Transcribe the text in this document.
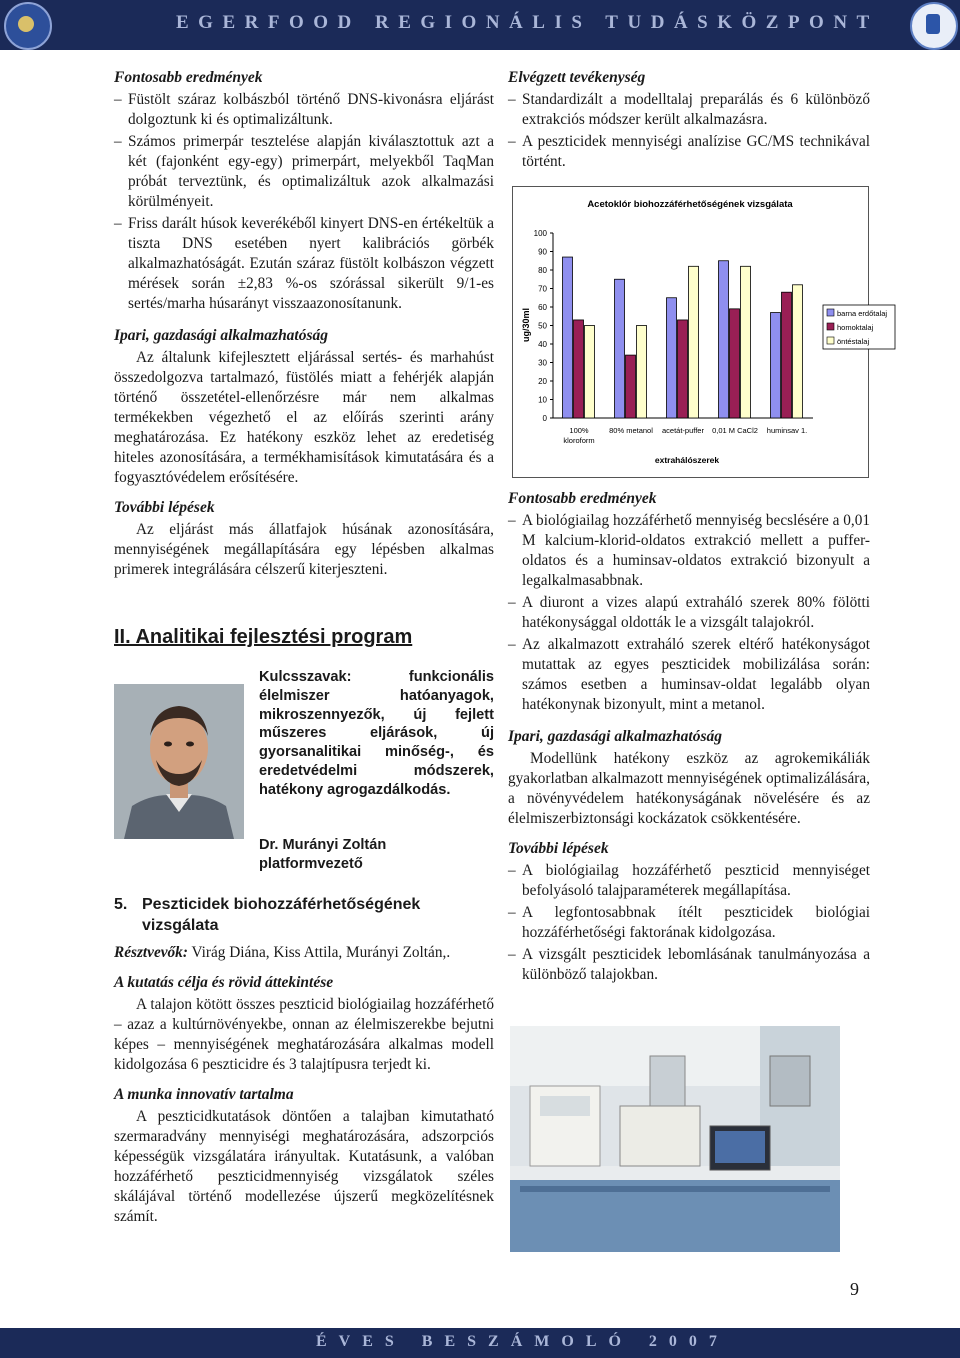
EGERFOOD REGIONÁLIS TUDÁSKÖZPONT
ÉVES BESZÁMOLÓ 2007
9
Fontosabb eredmények
– Füstölt száraz kolbászból történő DNS-kivonásra eljárást dolgoztunk ki és optimalizáltunk.
– Számos primerpár tesztelése alapján kiválasztottuk azt a két (fajonként egy-egy) primerpárt, melyekből TaqMan próbát terveztünk, és optimalizáltuk azok alkalmazási körülményeit.
– Friss darált húsok keverékéből kinyert DNS-en értékeltük a tiszta DNS esetében nyert kalibrációs görbék alkalmazhatóságát. Ezután száraz füstölt kolbászon végzett mérések során ±2,83 %-os szórással sikerült 9/1-es sertés/marha húsarányt visszaazonosítanunk.
Ipari, gazdasági alkalmazhatóság

Az általunk kifejlesztett eljárással sertés- és marhahúst összedolgozva tartalmazó, füstölés miatt a fehérjék alapján történő összetétel-ellenőrzésre már nem alkalmas termékekben végezhető el az előírás szerinti arány meghatározása. Ez hatékony eszköz lehet az eredetiség hiteles azonosítására, a termékhamisítások kimutatására és a fogyasztóvédelem erősítésére.

További lépések

Az eljárást más állatfajok húsának azonosítására, mennyiségének megállapítására egy lépésben alkalmas primerek integrálására célszerű kiterjeszteni.

II. Analitikai fejlesztési program
Kulcsszavak: funkcionális élelmiszer hatóanyagok, mikroszennyezők, új fejlett műszeres eljárások, új gyorsanalitikai minőség-, és eredetvédelmi módszerek, hatékony agrogazdálkodás.
Dr. Murányi Zoltán
platformvezető
5. Peszticidek biohozzáférhetőségének
vizsgálata

Résztvevők: Virág Diána, Kiss Attila, Murányi Zoltán,.

A kutatás célja és rövid áttekintése

A talajon kötött összes peszticid biológiailag hozzáférhető – azaz a kultúrnövényekbe, onnan az élelmiszerekbe bejutni képes – mennyiségének meghatározására alkalmas modell kidolgozása 6 peszticidre és 3 talajtípusra terjedt ki.

A munka innovatív tartalma

A peszticidkutatások döntően a talajban kimutatható szermaradvány mennyiségi meghatározására, adszorpciós képességük vizsgálatára irányultak. Kutatásunk, a valóban hozzáférhető peszticidmennyiség vizsgálatok széles skálájával történő modellezése újszerű megközelítésnek számít.

Elvégzett tevékenység
– Standardizált a modelltalaj preparálás és 6 különböző extrakciós módszer került alkalmazásra.
– A peszticidek mennyiségi analízise GC/MS technikával történt.
Acetoklór biohozzáférhetőségének vizsgálata
ug/30ml
extrahálószerek
0
10
20
30
40
50
60
70
80
90
100
100%
kloroform
80% metanol acetát-puffer 0,01 M CaCl2 huminsav 1.
barna erdőtalaj
homoktalaj
öntéstalaj
Fontosabb eredmények
– A biológiailag hozzáférhető mennyiség becslésére a 0,01 M kalcium-klorid-oldatos extrakció mellett a puffer-oldatos és a huminsav-oldatos extrakció bizonyult a legalkalmasabbnak.
– A diuront a vizes alapú extraháló szerek 80% fölötti hatékonysággal oldották le a vizsgált talajokról.
– Az alkalmazott extraháló szerek eltérő hatékonyságot mutattak az egyes peszticidek mobilizálása során: számos esetben a huminsav-oldat legalább olyan hatékonynak bizonyult, mint a metanol.
Ipari, gazdasági alkalmazhatóság

Modellünk hatékony eszköz az agrokemikáliák gyakorlatban alkalmazott mennyiségének optimalizálására, a növényvédelem hatékonyságának növelésére és az élelmiszerbiztonsági kockázatok csökkentésére.

További lépések
– A biológiailag hozzáférhető peszticid mennyiséget befolyásoló talajparaméterek megállapítása.
– A legfontosabbnak ítélt peszticidek biológiai hozzáférhetőségi faktorának kidolgozása.
– A vizsgált peszticidek lebomlásának tanulmányozása a különböző talajokban.
